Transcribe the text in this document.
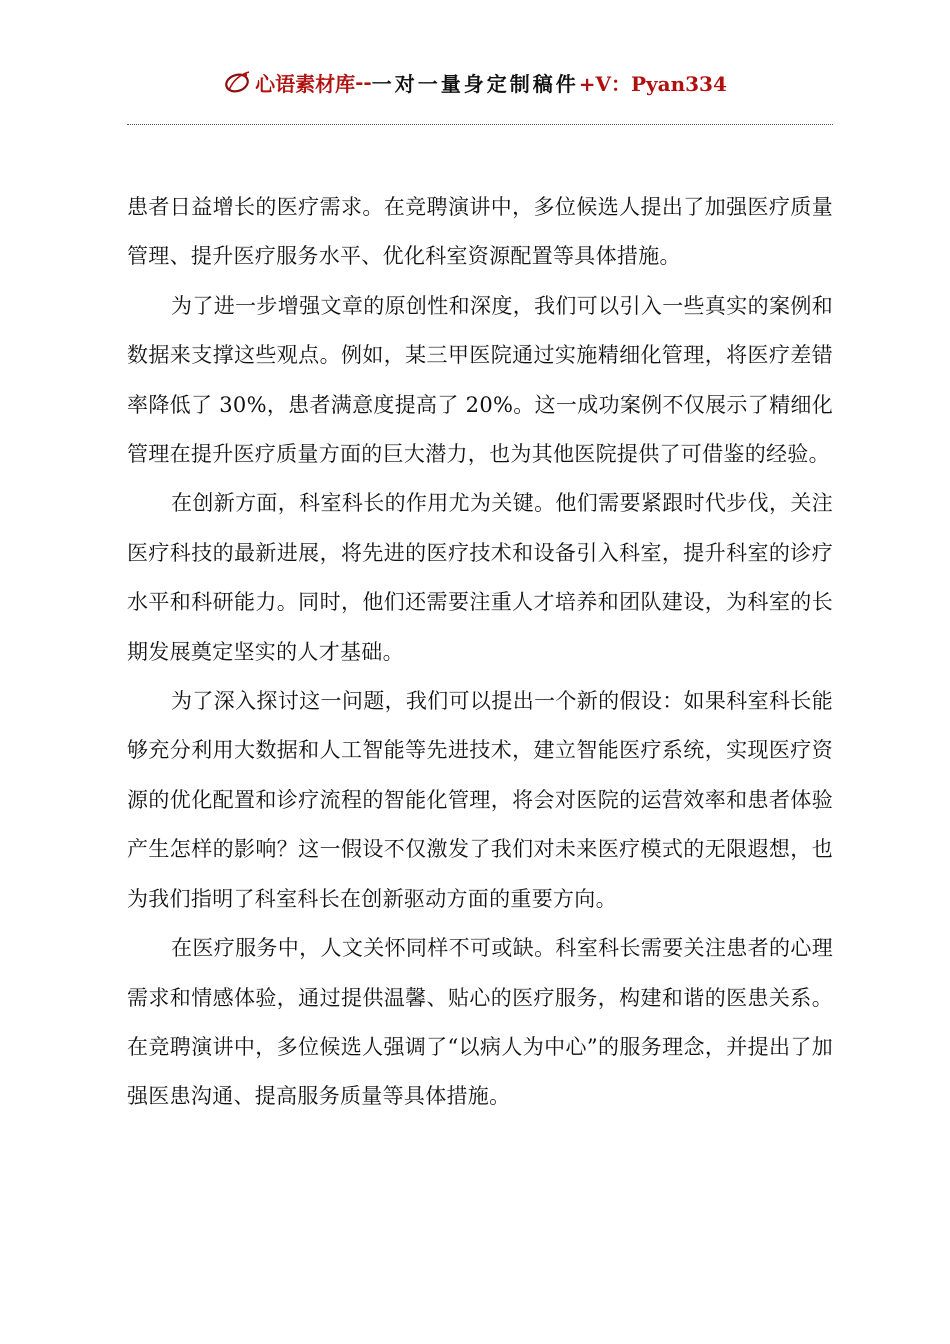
心语素材库 -- 一对一量身定制稿件 +V：Pyan334

患者日益增长的医疗需求。在竞聘演讲中，多位候选人提出了加强医疗质量管理、提升医疗服务水平、优化科室资源配置等具体措施。

为了进一步增强文章的原创性和深度，我们可以引入一些真实的案例和数据来支撑这些观点。例如，某三甲医院通过实施精细化管理，将医疗差错率降低了 30%，患者满意度提高了 20%。这一成功案例不仅展示了精细化管理在提升医疗质量方面的巨大潜力，也为其他医院提供了可借鉴的经验。

在创新方面，科室科长的作用尤为关键。他们需要紧跟时代步伐，关注医疗科技的最新进展，将先进的医疗技术和设备引入科室，提升科室的诊疗水平和科研能力。同时，他们还需要注重人才培养和团队建设，为科室的长期发展奠定坚实的人才基础。

为了深入探讨这一问题，我们可以提出一个新的假设：如果科室科长能够充分利用大数据和人工智能等先进技术，建立智能医疗系统，实现医疗资源的优化配置和诊疗流程的智能化管理，将会对医院的运营效率和患者体验产生怎样的影响？这一假设不仅激发了我们对未来医疗模式的无限遐想，也为我们指明了科室科长在创新驱动方面的重要方向。

在医疗服务中，人文关怀同样不可或缺。科室科长需要关注患者的心理需求和情感体验，通过提供温馨、贴心的医疗服务，构建和谐的医患关系。在竞聘演讲中，多位候选人强调了“以病人为中心”的服务理念，并提出了加强医患沟通、提高服务质量等具体措施。
